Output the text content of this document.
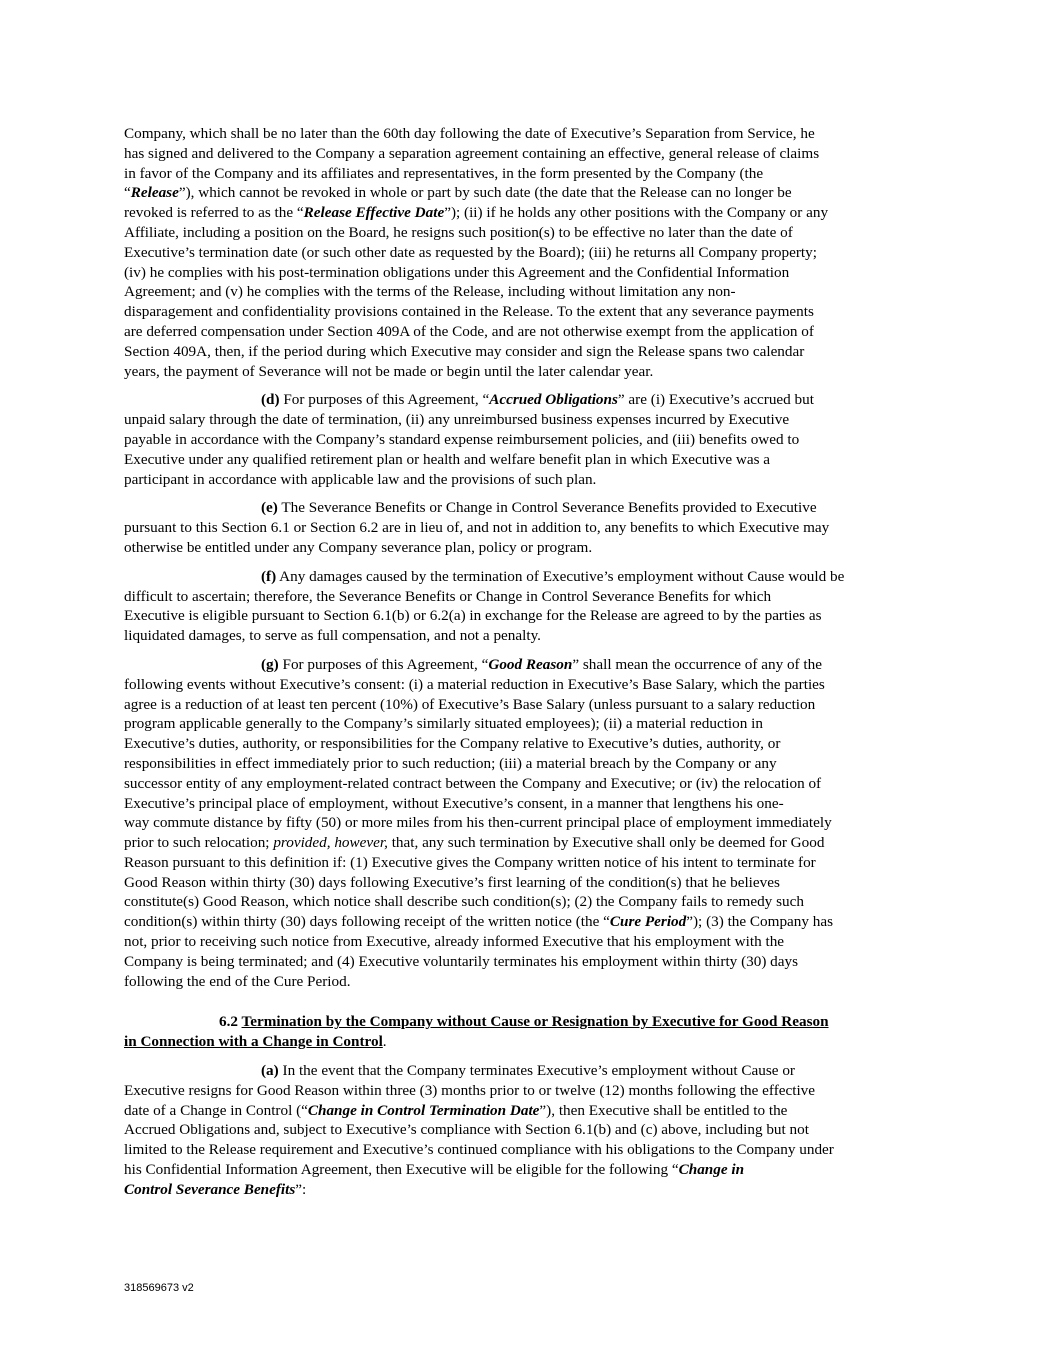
Company, which shall be no later than the 60th day following the date of Executive’s Separation from Service, he
has signed and delivered to the Company a separation agreement containing an effective, general release of claims
in favor of the Company and its affiliates and representatives, in the form presented by the Company (the
“Release”), which cannot be revoked in whole or part by such date (the date that the Release can no longer be
revoked is referred to as the “Release Effective Date”); (ii) if he holds any other positions with the Company or any
Affiliate, including a position on the Board, he resigns such position(s) to be effective no later than the date of
Executive’s termination date (or such other date as requested by the Board); (iii) he returns all Company property;
(iv) he complies with his post-termination obligations under this Agreement and the Confidential Information
Agreement; and (v) he complies with the terms of the Release, including without limitation any non-
disparagement and confidentiality provisions contained in the Release. To the extent that any severance payments
are deferred compensation under Section 409A of the Code, and are not otherwise exempt from the application of
Section 409A, then, if the period during which Executive may consider and sign the Release spans two calendar
years, the payment of Severance will not be made or begin until the later calendar year.
(d) For purposes of this Agreement, “Accrued Obligations” are (i) Executive’s accrued but
unpaid salary through the date of termination, (ii) any unreimbursed business expenses incurred by Executive
payable in accordance with the Company’s standard expense reimbursement policies, and (iii) benefits owed to
Executive under any qualified retirement plan or health and welfare benefit plan in which Executive was a
participant in accordance with applicable law and the provisions of such plan.
(e) The Severance Benefits or Change in Control Severance Benefits provided to Executive
pursuant to this Section 6.1 or Section 6.2 are in lieu of, and not in addition to, any benefits to which Executive may
otherwise be entitled under any Company severance plan, policy or program.
(f) Any damages caused by the termination of Executive’s employment without Cause would be
difficult to ascertain; therefore, the Severance Benefits or Change in Control Severance Benefits for which
Executive is eligible pursuant to Section 6.1(b) or 6.2(a) in exchange for the Release are agreed to by the parties as
liquidated damages, to serve as full compensation, and not a penalty.
(g) For purposes of this Agreement, “Good Reason” shall mean the occurrence of any of the
following events without Executive’s consent: (i) a material reduction in Executive’s Base Salary, which the parties
agree is a reduction of at least ten percent (10%) of Executive’s Base Salary (unless pursuant to a salary reduction
program applicable generally to the Company’s similarly situated employees); (ii) a material reduction in
Executive’s duties, authority, or responsibilities for the Company relative to Executive’s duties, authority, or
responsibilities in effect immediately prior to such reduction; (iii) a material breach by the Company or any
successor entity of any employment-related contract between the Company and Executive; or (iv) the relocation of
Executive’s principal place of employment, without Executive’s consent, in a manner that lengthens his one-
way commute distance by fifty (50) or more miles from his then-current principal place of employment immediately
prior to such relocation; provided, however, that, any such termination by Executive shall only be deemed for Good
Reason pursuant to this definition if: (1) Executive gives the Company written notice of his intent to terminate for
Good Reason within thirty (30) days following Executive’s first learning of the condition(s) that he believes
constitute(s) Good Reason, which notice shall describe such condition(s); (2) the Company fails to remedy such
condition(s) within thirty (30) days following receipt of the written notice (the “Cure Period”); (3) the Company has
not, prior to receiving such notice from Executive, already informed Executive that his employment with the
Company is being terminated; and (4) Executive voluntarily terminates his employment within thirty (30) days
following the end of the Cure Period.
6.2 Termination by the Company without Cause or Resignation by Executive for Good Reason
in Connection with a Change in Control.
(a) In the event that the Company terminates Executive’s employment without Cause or
Executive resigns for Good Reason within three (3) months prior to or twelve (12) months following the effective
date of a Change in Control (“Change in Control Termination Date”), then Executive shall be entitled to the
Accrued Obligations and, subject to Executive’s compliance with Section 6.1(b) and (c) above, including but not
limited to the Release requirement and Executive’s continued compliance with his obligations to the Company under
his Confidential Information Agreement, then Executive will be eligible for the following “Change in
Control Severance Benefits”:
318569673 v2
